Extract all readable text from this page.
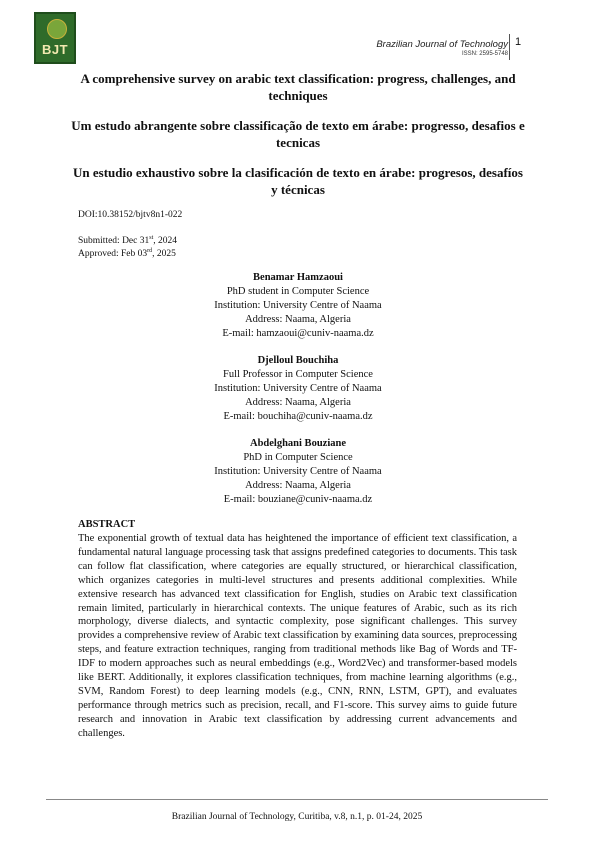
BJT	Brazilian Journal of Technology
ISSN: 2595-5748
1
A comprehensive survey on arabic text classification: progress, challenges, and techniques
Um estudo abrangente sobre classificação de texto em árabe: progresso, desafios e tecnicas
Un estudio exhaustivo sobre la clasificación de texto en árabe: progresos, desafíos y técnicas
DOI:10.38152/bjtv8n1-022
Submitted: Dec 31st, 2024
Approved: Feb 03rd, 2025
Benamar Hamzaoui
PhD student in Computer Science
Institution: University Centre of Naama
Address: Naama, Algeria
E-mail: hamzaoui@cuniv-naama.dz
Djelloul Bouchiha
Full Professor in Computer Science
Institution: University Centre of Naama
Address: Naama, Algeria
E-mail: bouchiha@cuniv-naama.dz
Abdelghani Bouziane
PhD in Computer Science
Institution: University Centre of Naama
Address: Naama, Algeria
E-mail: bouziane@cuniv-naama.dz
ABSTRACT

The exponential growth of textual data has heightened the importance of efficient text classification, a fundamental natural language processing task that assigns predefined categories to documents. This task can follow flat classification, where categories are equally structured, or hierarchical classification, which organizes categories in multi-level structures and presents additional complexities. While extensive research has advanced text classification for English, studies on Arabic text classification remain limited, particularly in hierarchical contexts. The unique features of Arabic, such as its rich morphology, diverse dialects, and syntactic complexity, pose significant challenges. This survey provides a comprehensive review of Arabic text classification by examining data sources, preprocessing steps, and feature extraction techniques, ranging from traditional methods like Bag of Words and TF-IDF to modern approaches such as neural embeddings (e.g., Word2Vec) and transformer-based models like BERT. Additionally, it explores classification techniques, from machine learning algorithms (e.g., SVM, Random Forest) to deep learning models (e.g., CNN, RNN, LSTM, GPT), and evaluates performance through metrics such as precision, recall, and F1-score. This survey aims to guide future research and innovation in Arabic text classification by addressing current advancements and challenges.

Brazilian Journal of Technology, Curitiba, v.8, n.1, p. 01-24, 2025
